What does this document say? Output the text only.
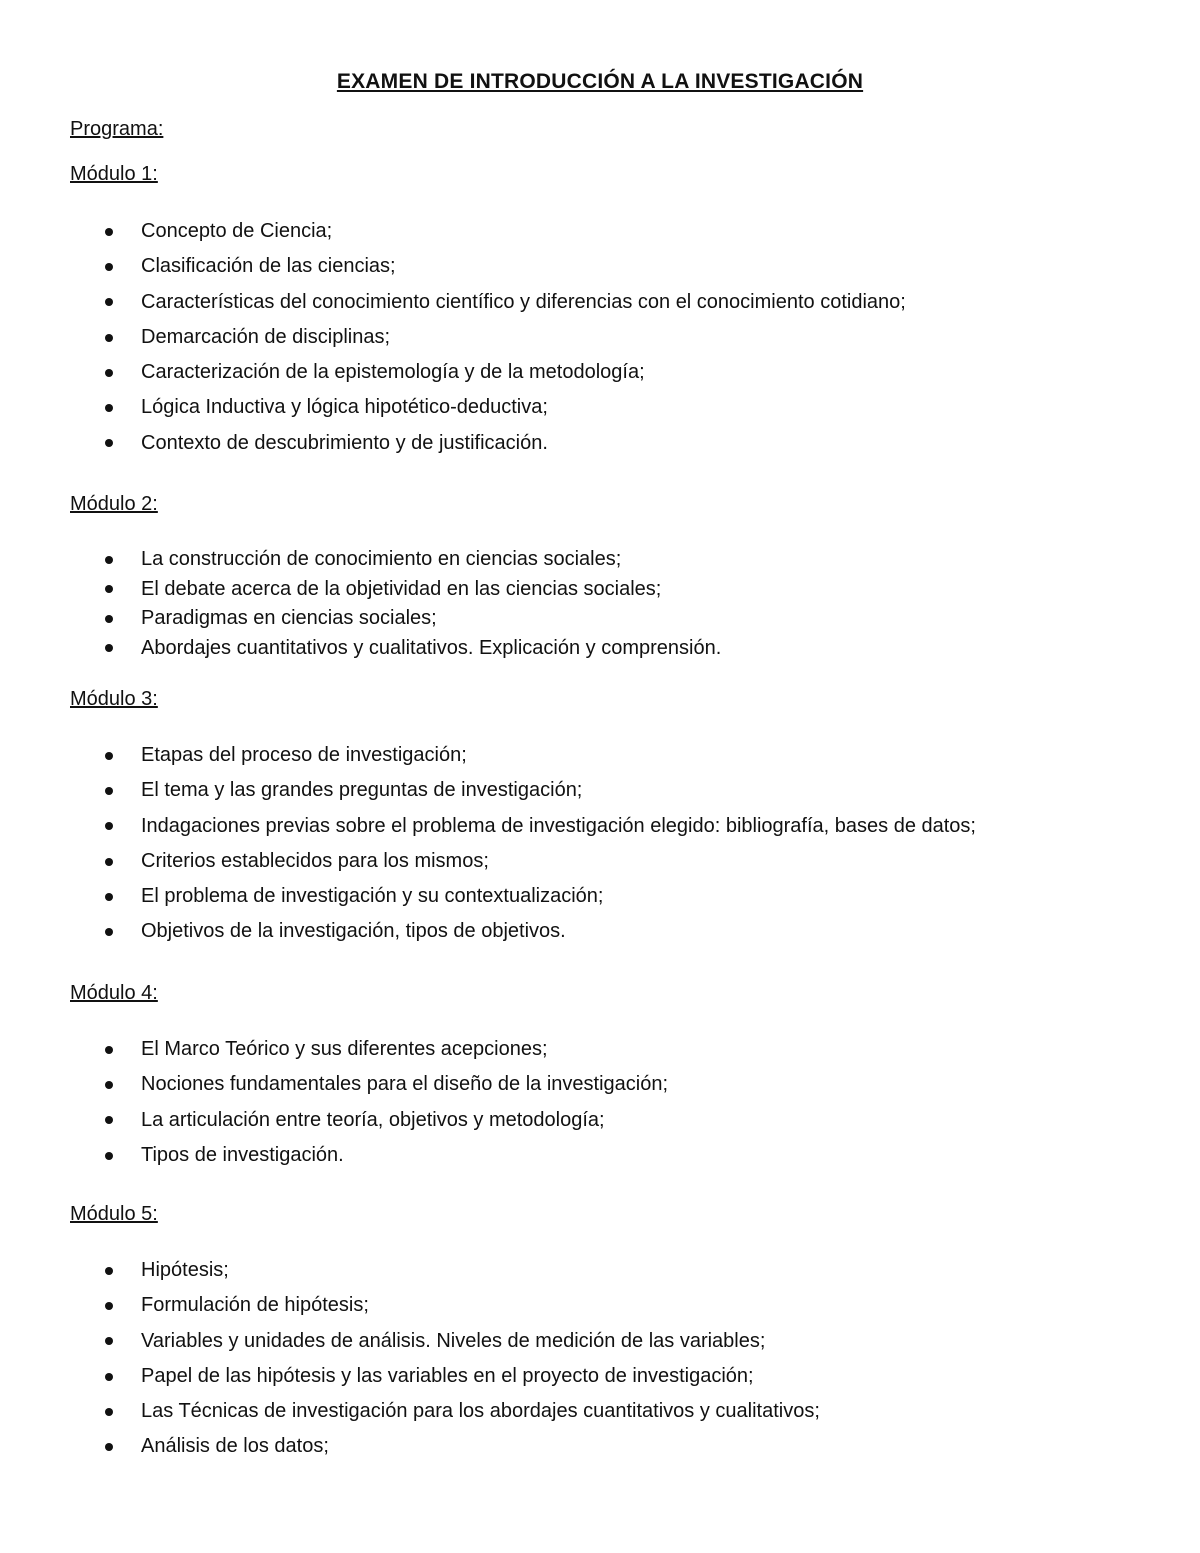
EXAMEN DE INTRODUCCIÓN A LA INVESTIGACIÓN
Programa:
Módulo 1:
Concepto de Ciencia;
Clasificación de las ciencias;
Características del conocimiento científico y diferencias con el conocimiento cotidiano;
Demarcación de disciplinas;
Caracterización de la epistemología y de la metodología;
Lógica Inductiva y lógica hipotético-deductiva;
Contexto de descubrimiento y de justificación.
Módulo 2:
La construcción de conocimiento en ciencias sociales;
El debate acerca de la objetividad en las ciencias sociales;
Paradigmas en ciencias sociales;
Abordajes cuantitativos y cualitativos. Explicación y comprensión.
Módulo 3:
Etapas del proceso de investigación;
El tema y las grandes preguntas de investigación;
Indagaciones previas sobre el problema de investigación elegido: bibliografía, bases de datos;
Criterios establecidos para los mismos;
El problema de investigación y su contextualización;
Objetivos de la investigación, tipos de objetivos.
Módulo 4:
El Marco Teórico y sus diferentes acepciones;
Nociones fundamentales para el diseño de la investigación;
La articulación entre teoría, objetivos y metodología;
Tipos de investigación.
Módulo 5:
Hipótesis;
Formulación de hipótesis;
Variables y unidades de análisis. Niveles de medición de las variables;
Papel de las hipótesis y las variables en el proyecto de investigación;
Las Técnicas de investigación para los abordajes cuantitativos y cualitativos;
Análisis de los datos;
